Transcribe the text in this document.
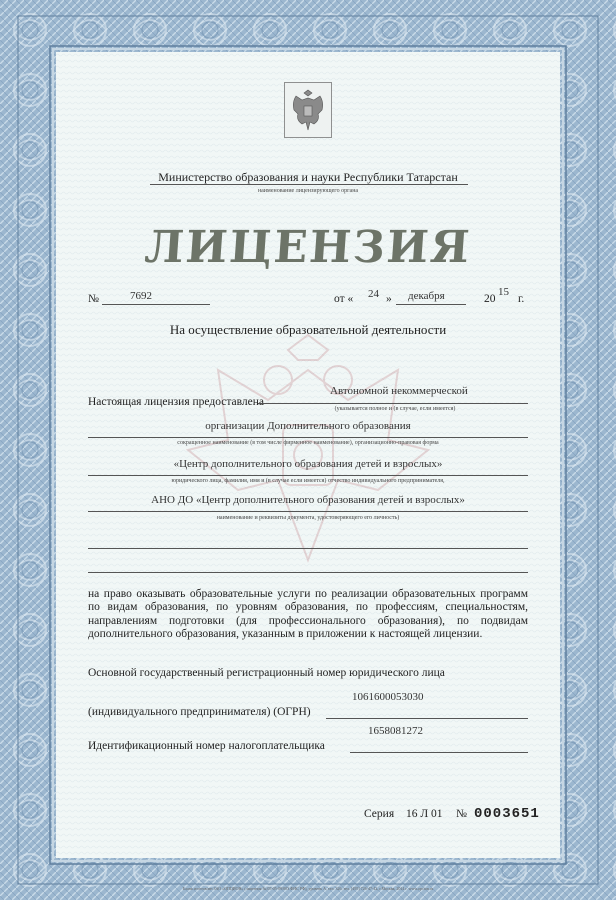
Министерство образования и науки Республики Татарстан
наименование лицензирующего органа
ЛИЦЕНЗИЯ
№	7692	от « 24 » декабря	20
15
г.
На осуществление образовательной деятельности
Настоящая лицензия предоставлена
Автономной некоммерческой
(указывается полное и (в случае, если имеется)
организации Дополнительного образования
сокращенное наименование (в том числе фирменное наименование), организационно-правовая форма
«Центр дополнительного образования детей и взрослых»
юридического лица, фамилия, имя и (в случае если имеется) отчество индивидуального предпринимателя,
АНО ДО «Центр дополнительного образования детей и взрослых»
наименование и реквизиты документа, удостоверяющего его личность)
на право оказывать образовательные услуги по реализации образовательных программ по видам образования, по уровням образования, по профессиям, специальностям, направлениям подготовки (для профессионального образования), по подвидам дополнительного образования, указанным в приложении к настоящей лицензии.
Основной государственный регистрационный номер юридического лица
1061600053030
(индивидуального предпринимателя) (ОГРН)
1658081272
Идентификационный номер налогоплательщика
Серия 16 Л 01 № 0003651
Бланк изготовлен ЗАО «ОПЦИОН» (лицензия № 05-05-09/003 ФНС РФ), уровень А, тел. 326, тел. (495) 726-47-42, г.Москва, 2014 г. www.opcion.ru
